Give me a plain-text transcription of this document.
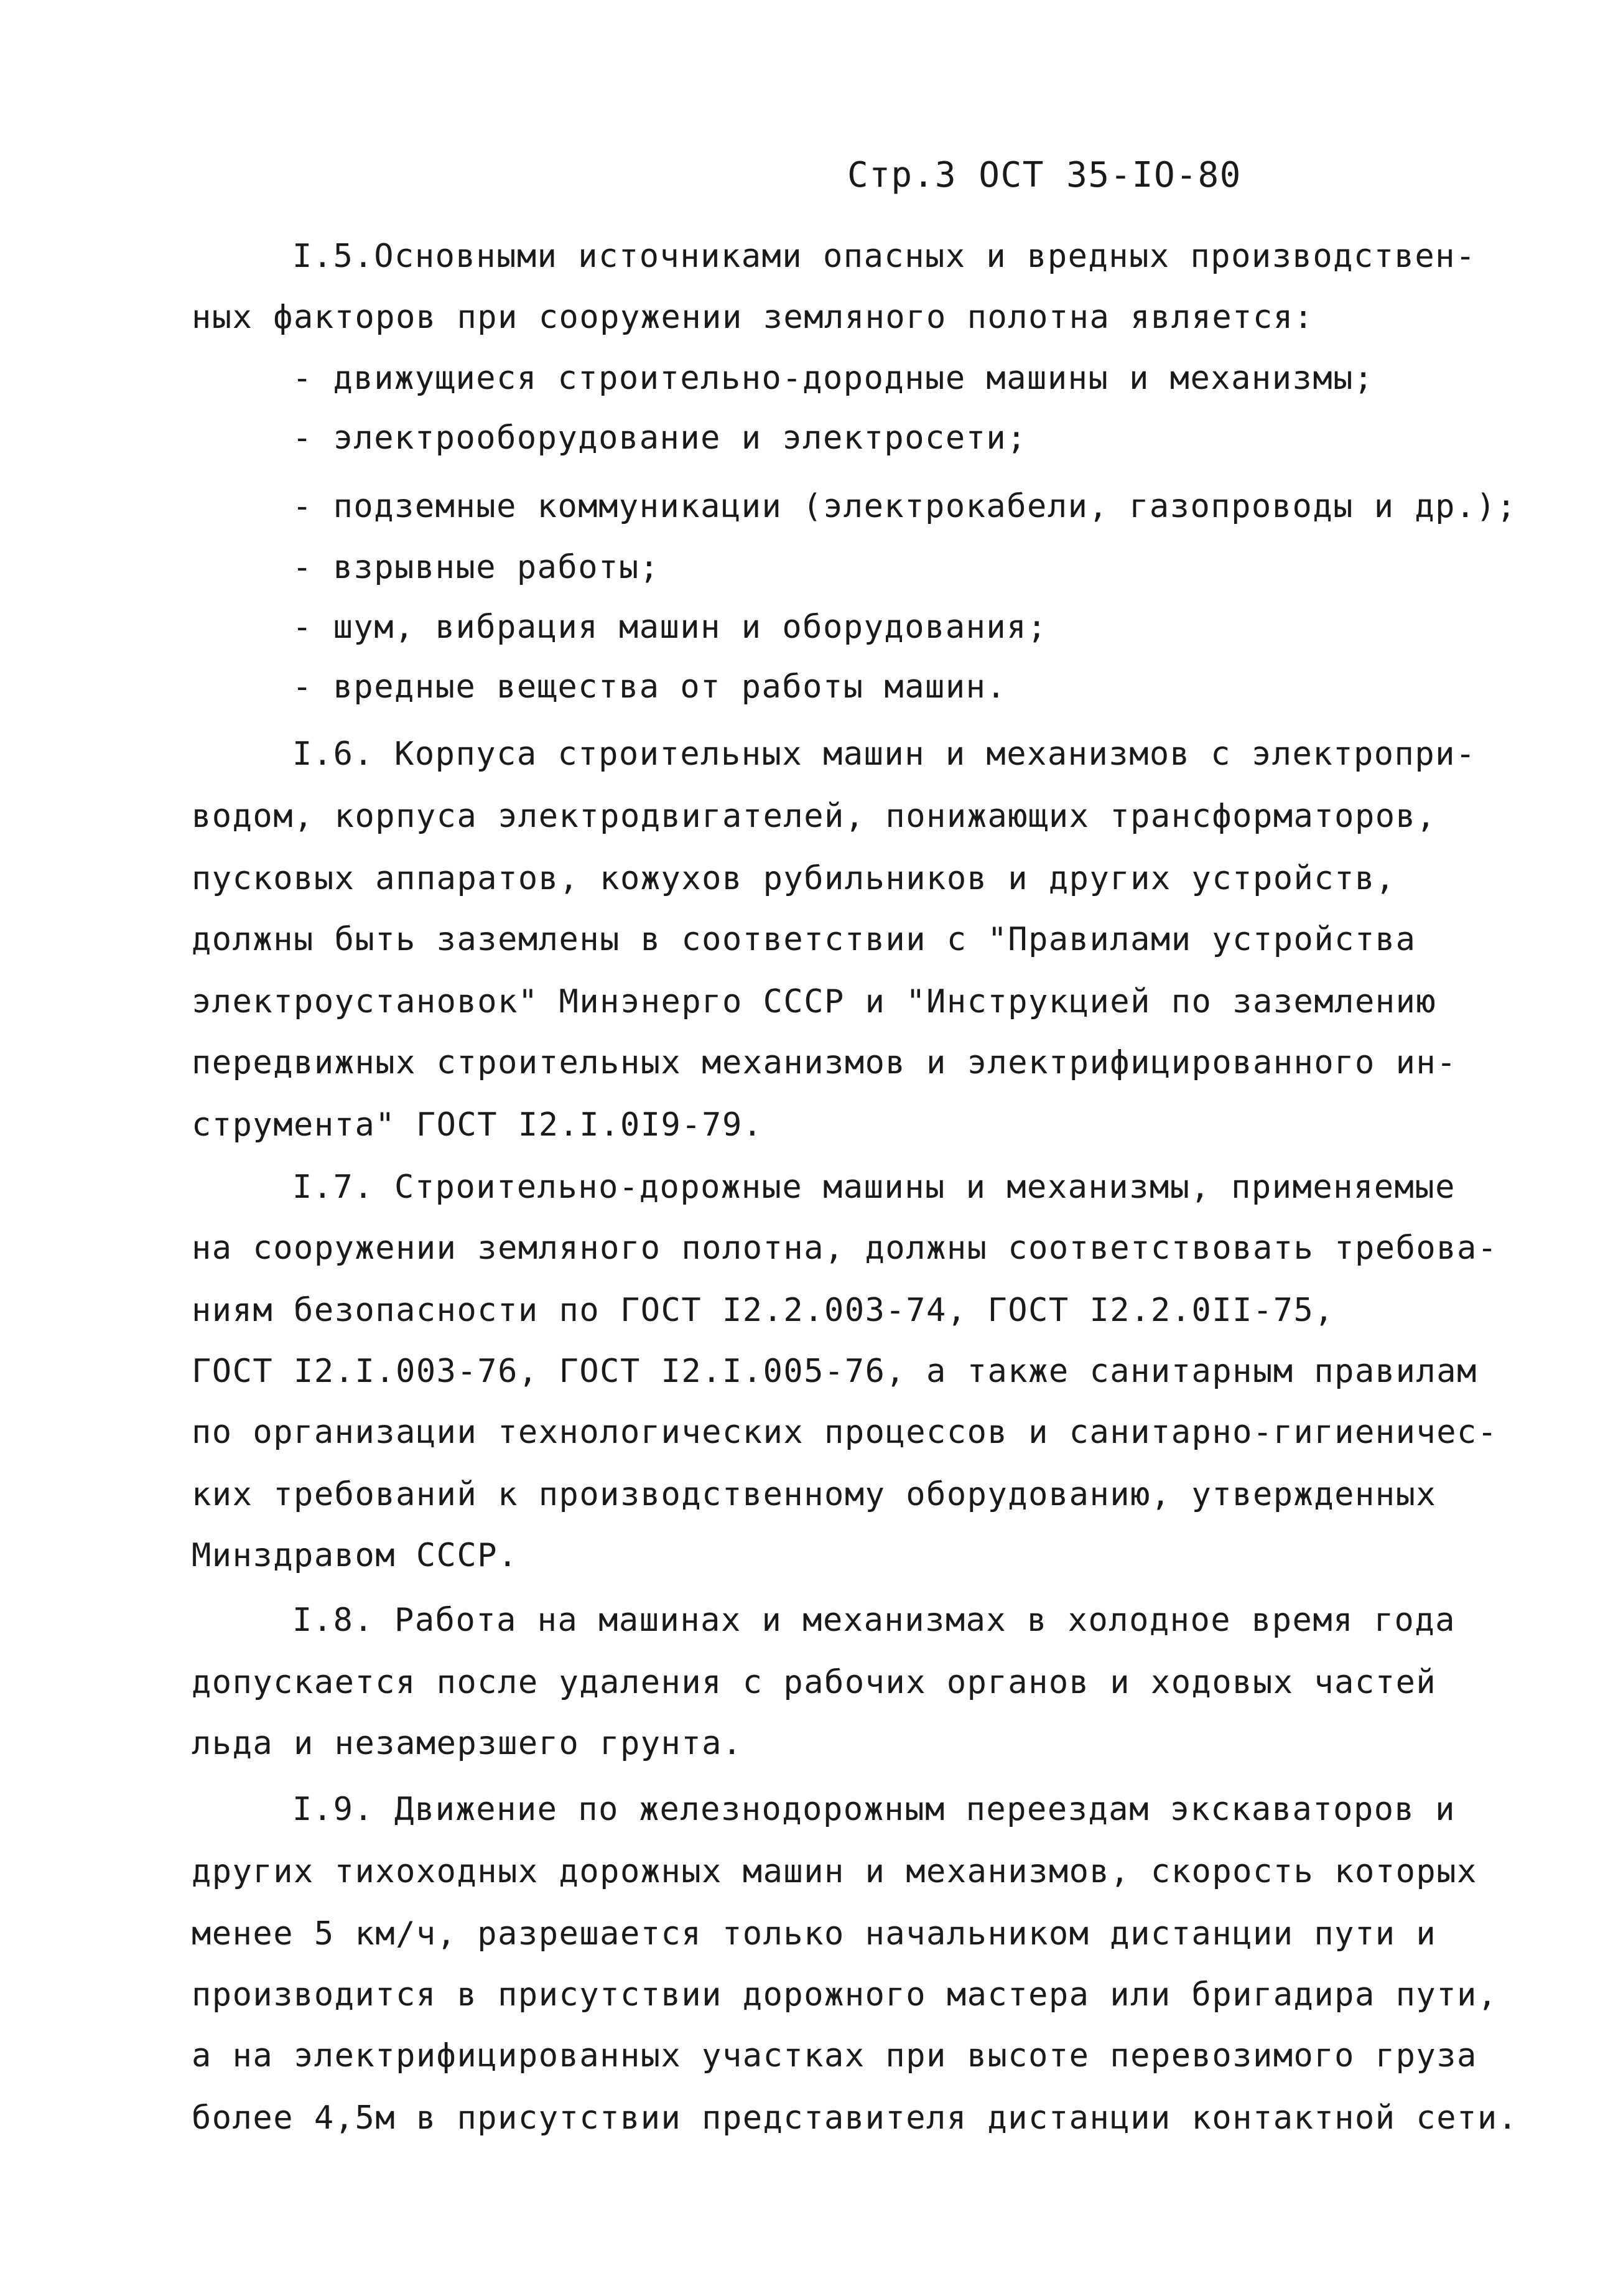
Стр.3 ОСТ 35-IO-80
I.5.Основными источниками опасных и вредных производствен-
ных факторов при сооружении земляного полотна является:
- движущиеся строительно-дородные машины и механизмы;
- электрооборудование и электросети;
- подземные коммуникации (электрокабели, газопроводы и др.);
- взрывные работы;
- шум, вибрация машин и оборудования;
- вредные вещества от работы машин.
I.6. Корпуса строительных машин и механизмов с электропри-
водом, корпуса электродвигателей, понижающих трансформаторов,
пусковых аппаратов, кожухов рубильников и других устройств,
должны быть заземлены в соответствии с "Правилами устройства
электроустановок" Минэнерго СССР и "Инструкцией по заземлению
передвижных строительных механизмов и электрифицированного ин-
струмента" ГОСТ I2.I.0I9-79.
I.7. Строительно-дорожные машины и механизмы, применяемые
на сооружении земляного полотна, должны соответствовать требова-
ниям безопасности по ГОСТ I2.2.003-74, ГОСТ I2.2.0II-75,
ГОСТ I2.I.003-76, ГОСТ I2.I.005-76, а также санитарным правилам
по организации технологических процессов и санитарно-гигиеничес-
ких требований к производственному оборудованию, утвержденных
Минздравом СССР.
I.8. Работа на машинах и механизмах в холодное время года
допускается после удаления с рабочих органов и ходовых частей
льда и незамерзшего грунта.
I.9. Движение по железнодорожным переездам экскаваторов и
других тихоходных дорожных машин и механизмов, скорость которых
менее 5 км/ч, разрешается только начальником дистанции пути и
производится в присутствии дорожного мастера или бригадира пути,
а на электрифицированных участках при высоте перевозимого груза
более 4,5м в присутствии представителя дистанции контактной сети.
